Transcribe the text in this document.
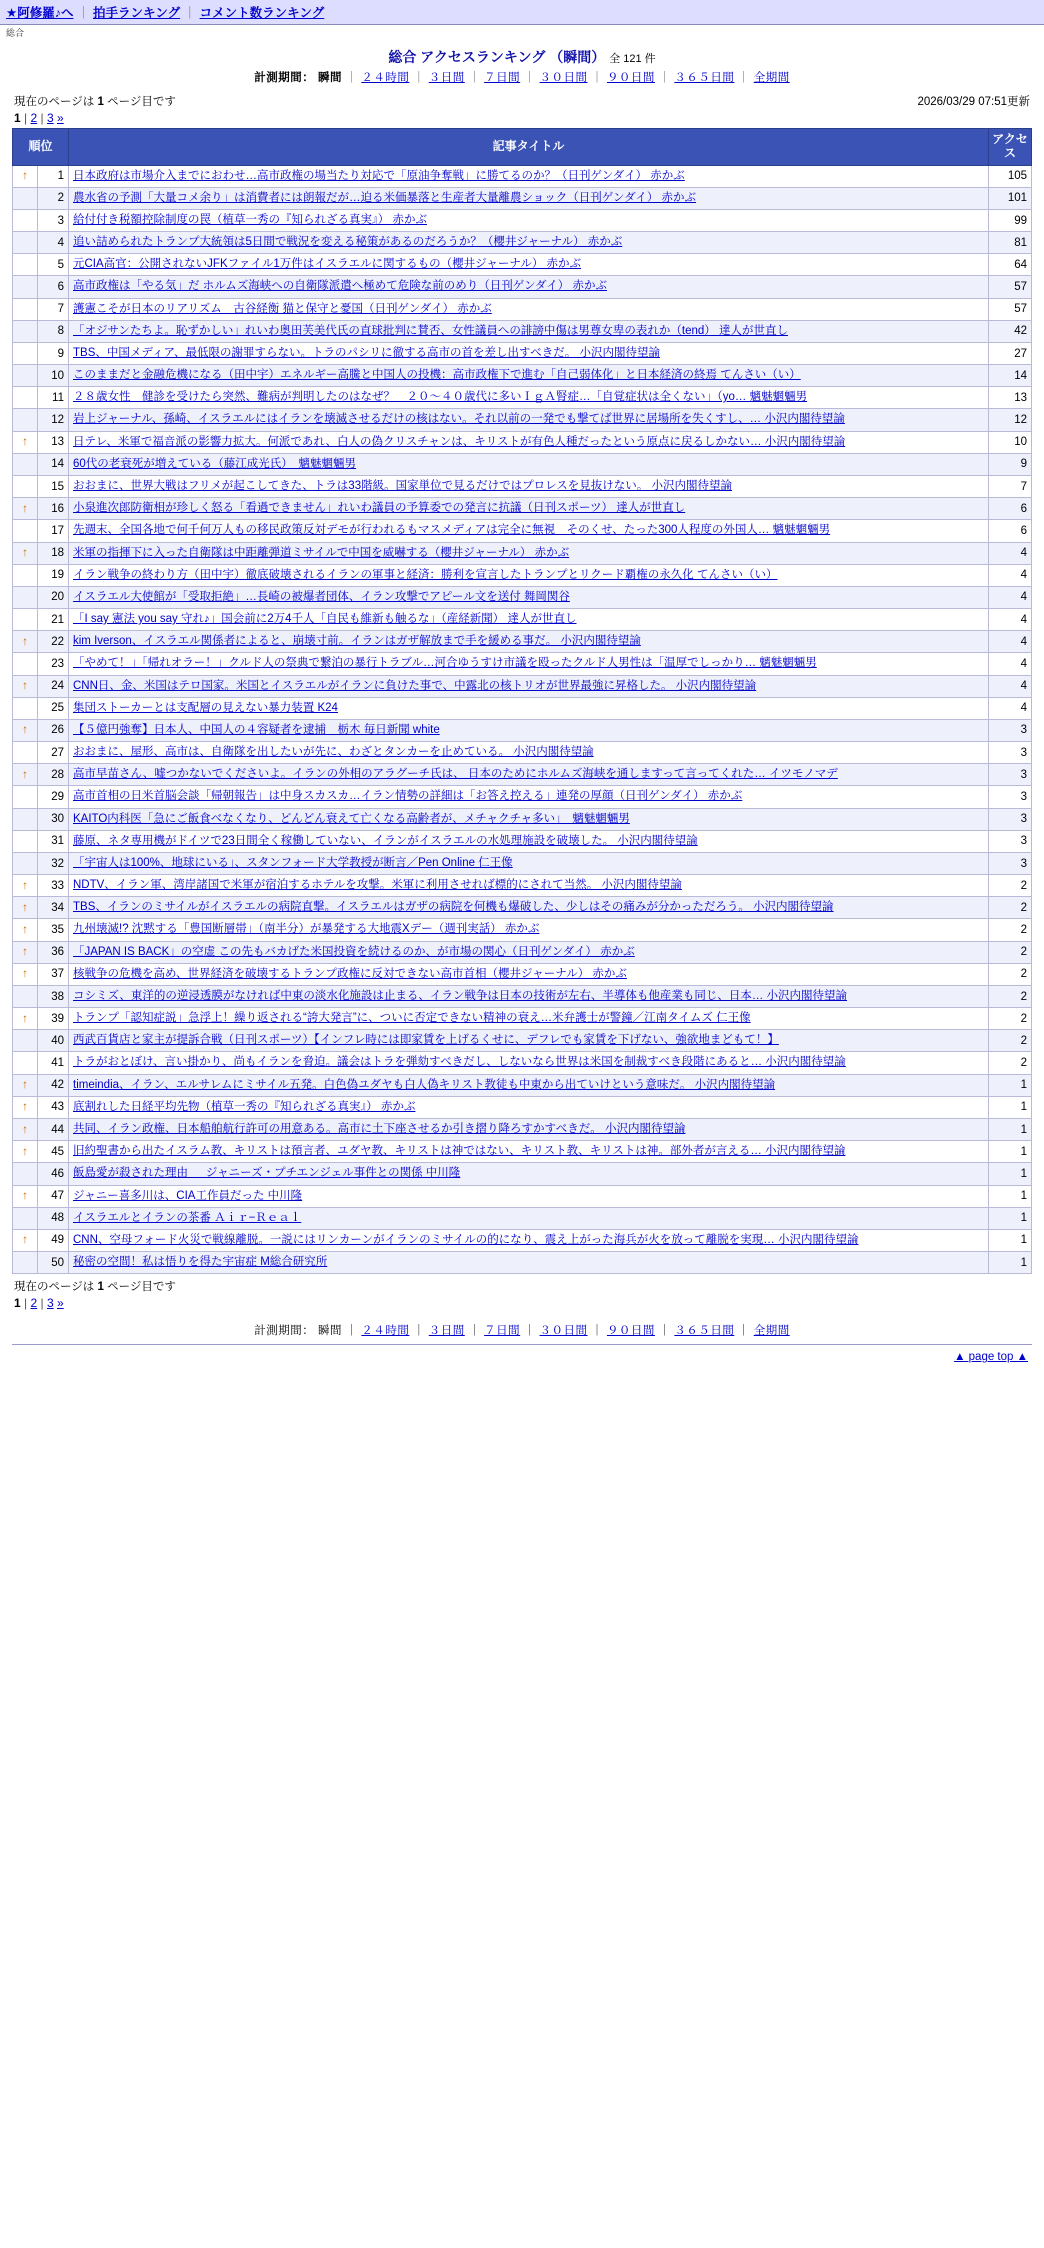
★阿修羅♪へ ｜ 拍手ランキング ｜ コメント数ランキング
総合
総合 アクセスランキング （瞬間） 全 121 件
計測期間： 瞬間 ｜ ２４時間 ｜ ３日間 ｜ ７日間 ｜ ３０日間 ｜ ９０日間 ｜ ３６５日間 ｜ 全期間
現在のページは 1 ページ目です
1 | 2 | 3 »
2026/03/29 07:51更新
順位		記事タイトル	アクセス
↑	1	日本政府は市場介入までにおわせ…高市政権の場当たり対応で「原油争奪戦」に勝てるのか？（日刊ゲンダイ） 赤かぶ	105
	2	農水省の予測「大量コメ余り」は消費者には朗報だが…迫る米価暴落と生産者大量離農ショック（日刊ゲンダイ） 赤かぶ	101
	3	給付付き税額控除制度の罠（植草一秀の『知られざる真実』） 赤かぶ	99
	4	追い詰められたトランプ大統領は5日間で戦況を変える秘策があるのだろうか？（櫻井ジャーナル） 赤かぶ	81
	5	元CIA高官：公開されないJFKファイル1万件はイスラエルに関するもの（櫻井ジャーナル） 赤かぶ	64
	6	高市政権は「やる気」だ ホルムズ海峡への自衛隊派遣へ極めて危険な前のめり（日刊ゲンダイ） 赤かぶ	57
	7	護憲こそが日本のリアリズム　古谷経衡 猫と保守と憂国（日刊ゲンダイ） 赤かぶ	57
	8	「オジサンたちよ。恥ずかしい」れいわ奥田芙美代氏の直球批判に賛否、女性議員への誹謗中傷は男尊女卑の表れか（tend） 達人が世直し	42
	9	TBS、中国メディア、最低限の謝罪すらない。トラのパシリに徹する高市の首を差し出すべきだ。 小沢内閣待望論	27
	10	このままだと金融危機になる（田中宇）エネルギー高騰と中国人の投機：高市政権下で進む「自己弱体化」と日本経済の終焉 てんさい（い）	14
	11	２８歳女性　健診を受けたら突然、難病が判明したのはなぜ？　２０〜４０歳代に多いＩｇＡ腎症…「自覚症状は全くない」（yo… 魑魅魍魎男	13
	12	岩上ジャーナル、孫崎、イスラエルにはイランを壊滅させるだけの核はない。それ以前の一発でも撃てば世界に居場所を失くすし、… 小沢内閣待望論	12
↑	13	日テレ、米軍で福音派の影響力拡大。何派であれ、白人の偽クリスチャンは、キリストが有色人種だったという原点に戻るしかない… 小沢内閣待望論	10
	14	60代の老衰死が増えている（藤江成光氏）　魑魅魍魎男	9
	15	おおまに、世界大戦はフリメが起こしてきた、トラは33階級。国家単位で見るだけではプロレスを見抜けない。 小沢内閣待望論	7
↑	16	小泉進次郎防衛相が珍しく怒る「看過できません」れいわ議員の予算委での発言に抗議（日刊スポーツ） 達人が世直し	6
	17	先週末、全国各地で何千何万人もの移民政策反対デモが行われるもマスメディアは完全に無視　そのくせ、たった300人程度の外国人… 魑魅魍魎男	6
↑	18	米軍の指揮下に入った自衛隊は中距離弾道ミサイルで中国を威嚇する（櫻井ジャーナル） 赤かぶ	4
	19	イラン戦争の終わり方（田中宇）徹底破壊されるイランの軍事と経済：勝利を宣言したトランプとリクード覇権の永久化 てんさい（い）	4
	20	イスラエル大使館が「受取拒絶」…長崎の被爆者団体、イラン攻撃でアピール文を送付 舞岡関谷	4
	21	「I say 憲法 you say 守れ♪」国会前に2万4千人「自民も維新も触るな」（産経新聞） 達人が世直し	4
↑	22	kim Iverson、イスラエル関係者によると、崩壊寸前。イランはガザ解放まで手を緩める事だ。 小沢内閣待望論	4
	23	「やめて！」「帰れオラー！」クルド人の祭典で繋泊の暴行トラブル…河合ゆうすけ市議を殴ったクルド人男性は「温厚でしっかり… 魑魅魍魎男	4
↑	24	CNN日、金、米国はテロ国家。米国とイスラエルがイランに負けた事で、中露北の核トリオが世界最強に昇格した。 小沢内閣待望論	4
	25	集団ストーカーとは支配層の見えない暴力装置 K24	4
↑	26	【５億円強奪】日本人、中国人の４容疑者を逮捕　栃木 毎日新聞 white	3
	27	おおまに、屋形、高市は、自衛隊を出したいが先に、わざとタンカーを止めている。 小沢内閣待望論	3
↑	28	高市早苗さん、嘘つかないでくださいよ。イランの外相のアラグーチ氏は、 日本のためにホルムズ海峡を通しますって言ってくれた… イツモノマデ	3
	29	高市首相の日米首脳会談「帰朝報告」は中身スカスカ…イラン情勢の詳細は「お答え控える」連発の厚顔（日刊ゲンダイ） 赤かぶ	3
	30	KAITO内科医「急にご飯食べなくなり、どんどん衰えて亡くなる高齢者が、メチャクチャ多い」　魑魅魍魎男	3
	31	藤原、ネタ専用機がドイツで23日間全く稼働していない、イランがイスラエルの水処理施設を破壊した。 小沢内閣待望論	3
	32	「宇宙人は100%、地球にいる」、スタンフォード大学教授が断言／Pen Online 仁王像	3
↑	33	NDTV、イラン軍、湾岸諸国で米軍が宿泊するホテルを攻撃。米軍に利用させれば標的にされて当然。 小沢内閣待望論	2
↑	34	TBS、イランのミサイルがイスラエルの病院直撃。イスラエルはガザの病院を何機も爆破した、少しはその痛みが分かっただろう。 小沢内閣待望論	2
↑	35	九州壊滅!? 沈黙する「豊国断層帯」（南半分）が暴発する大地震Xデー（週刊実話） 赤かぶ	2
↑	36	「JAPAN IS BACK」の空虚 この先もバカげた米国投資を続けるのか、が市場の関心（日刊ゲンダイ） 赤かぶ	2
↑	37	核戦争の危機を高め、世界経済を破壊するトランプ政権に反対できない高市首相（櫻井ジャーナル） 赤かぶ	2
	38	コシミズ、東洋的の逆浸透膜がなければ中東の淡水化施設は止まる、イラン戦争は日本の技術が左右、半導体も他産業も同じ、日本… 小沢内閣待望論	2
↑	39	トランプ「認知症説」急浮上！繰り返される“誇大発言”に、ついに否定できない精神の衰え…米弁護士が警鐘／江南タイムズ 仁王像	2
	40	西武百貨店と家主が提訴合戦（日刊スポーツ）【インフレ時には即家賃を上げるくせに、デフレでも家賃を下げない、強欲地まどもて！】	2
	41	トラがおとぼけ、言い掛かり、尚もイランを脅迫。議会はトラを弾劾すべきだし、しないなら世界は米国を制裁すべき段階にあると… 小沢内閣待望論	2
↑	42	timeindia、イラン、エルサレムにミサイル五発。白色偽ユダヤも白人偽キリスト教徒も中東から出ていけという意味だ。 小沢内閣待望論	1
↑	43	底割れした日経平均先物（植草一秀の『知られざる真実』） 赤かぶ	1
↑	44	共同、イラン政権、日本船舶航行許可の用意ある。高市に土下座させるか引き摺り降ろすかすべきだ。 小沢内閣待望論	1
↑	45	旧約聖書から出たイスラム教、キリストは預言者、ユダヤ教、キリストは神ではない、キリスト教、キリストは神。部外者が言える… 小沢内閣待望論	1
	46	飯島愛が殺された理由 ＿ ジャニーズ・プチエンジェル事件との関係 中川隆	1
↑	47	ジャニー喜多川は、CIA工作員だった 中川隆	1
	48	イスラエルとイランの茶番 Ａｉｒ−Ｒｅａｌ	1
↑	49	CNN、空母フォード火災で戦線離脱。一説にはリンカーンがイランのミサイルの的になり、震え上がった海兵が火を放って離脱を実現… 小沢内閣待望論	1
	50	秘密の空間！私は悟りを得た宇宙症 M総合研究所	1
現在のページは 1 ページ目です
1 | 2 | 3 »
計測期間： 瞬間 ｜ ２４時間 ｜ ３日間 ｜ ７日間 ｜ ３０日間 ｜ ９０日間 ｜ ３６５日間 ｜ 全期間
▲ page top ▲
